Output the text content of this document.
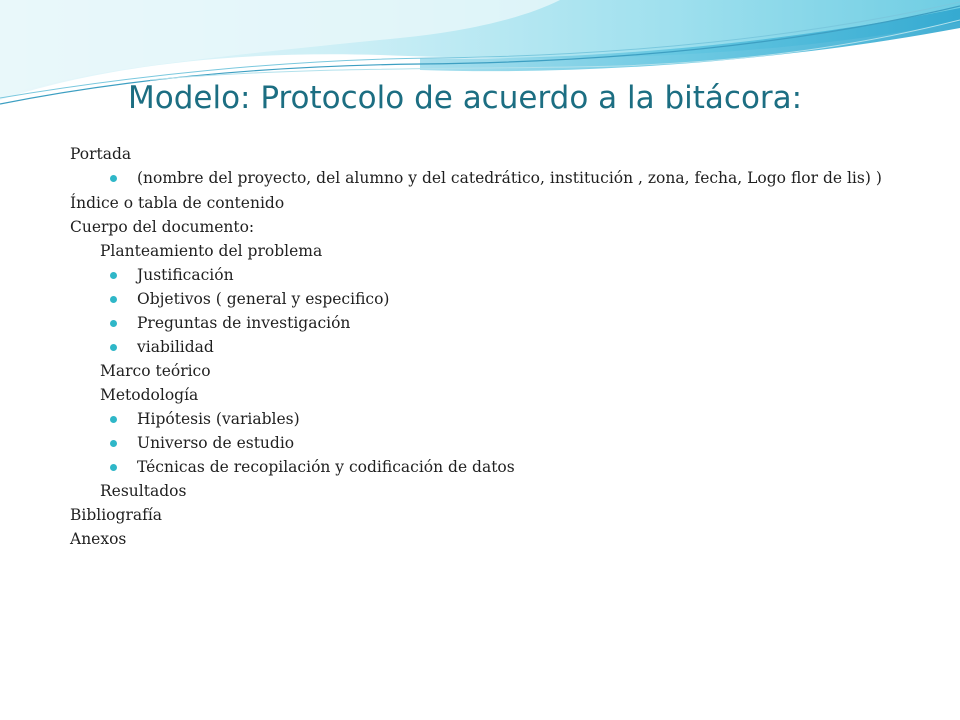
Modelo: Protocolo de acuerdo a la bitácora:

Portada

(nombre del proyecto, del alumno y del catedrático, institución , zona, fecha, Logo flor de lis) )

Índice o tabla de contenido

Cuerpo del documento:

Planteamiento del problema

Justificación

Objetivos ( general y especifico)

Preguntas de investigación

viabilidad

Marco teórico

Metodología

Hipótesis (variables)

Universo de estudio

Técnicas de recopilación y codificación de datos

Resultados

Bibliografía

Anexos
